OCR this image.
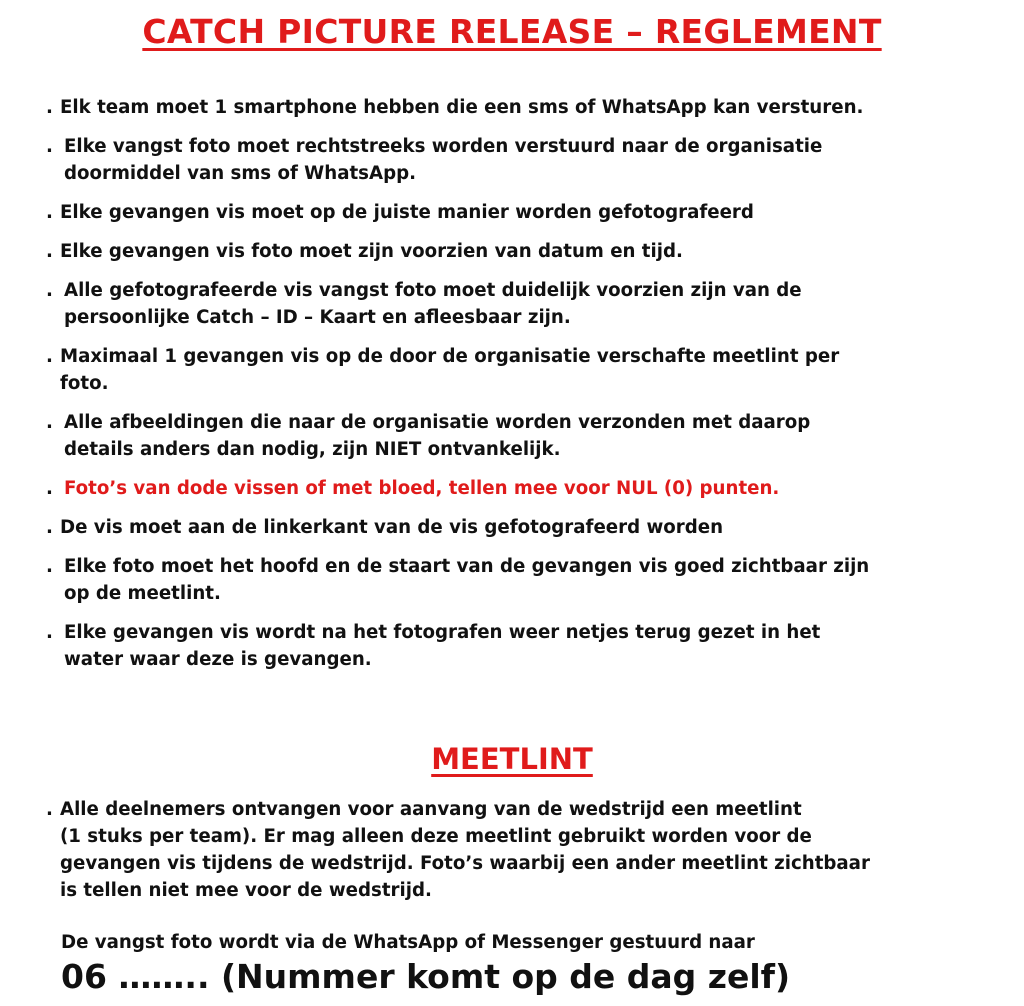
CATCH PICTURE RELEASE – REGLEMENT
. Elk team moet 1 smartphone hebben die een sms of WhatsApp kan versturen.
. Elke vangst foto moet rechtstreeks worden verstuurd naar de organisatie
doormiddel van sms of WhatsApp.
. Elke gevangen vis moet op de juiste manier worden gefotografeerd
. Elke gevangen vis foto moet zijn voorzien van datum en tijd.
. Alle gefotografeerde vis vangst foto moet duidelijk voorzien zijn van de
persoonlijke Catch – ID – Kaart en afleesbaar zijn.
. Maximaal 1 gevangen vis op de door de organisatie verschafte meetlint per
foto.
. Alle afbeeldingen die naar de organisatie worden verzonden met daarop
details anders dan nodig, zijn NIET ontvankelijk.
. Foto’s van dode vissen of met bloed, tellen mee voor NUL (0) punten.
. De vis moet aan de linkerkant van de vis gefotografeerd worden
. Elke foto moet het hoofd en de staart van de gevangen vis goed zichtbaar zijn
op de meetlint.
. Elke gevangen vis wordt na het fotografen weer netjes terug gezet in het
water waar deze is gevangen.
MEETLINT
. Alle deelnemers ontvangen voor aanvang van de wedstrijd een meetlint
(1 stuks per team). Er mag alleen deze meetlint gebruikt worden voor de
gevangen vis tijdens de wedstrijd. Foto’s waarbij een ander meetlint zichtbaar
is tellen niet mee voor de wedstrijd.
De vangst foto wordt via de WhatsApp of Messenger gestuurd naar
06 …….. (Nummer komt op de dag zelf)
